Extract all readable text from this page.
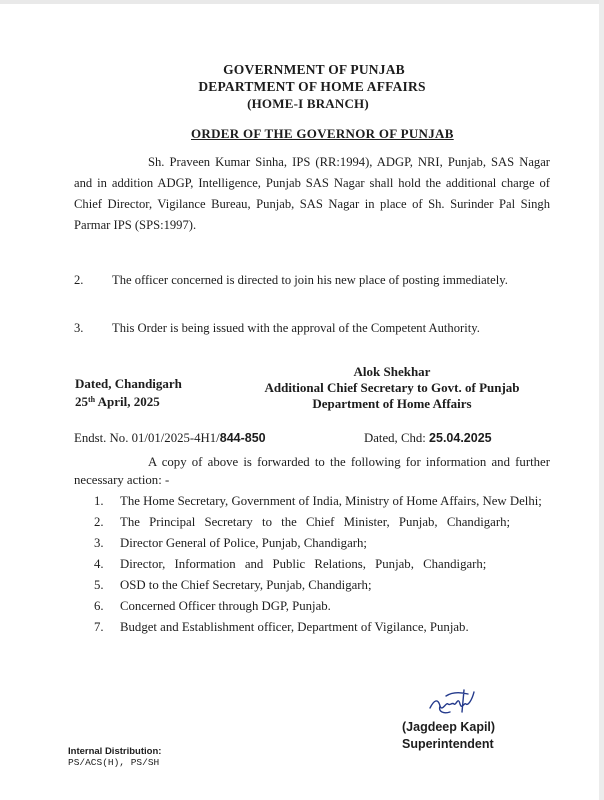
GOVERNMENT OF PUNJAB
DEPARTMENT OF HOME AFFAIRS
(HOME-I BRANCH)
ORDER OF THE GOVERNOR OF PUNJAB
Sh. Praveen Kumar Sinha, IPS (RR:1994), ADGP, NRI, Punjab, SAS Nagar and in addition ADGP, Intelligence, Punjab SAS Nagar shall hold the additional charge of Chief Director, Vigilance Bureau, Punjab, SAS Nagar in place of Sh. Surinder Pal Singh Parmar IPS (SPS:1997).
2. The officer concerned is directed to join his new place of posting immediately.
3. This Order is being issued with the approval of the Competent Authority.
Dated, Chandigarh
25th April, 2025
Alok Shekhar
Additional Chief Secretary to Govt. of Punjab
Department of Home Affairs
Endst. No. 01/01/2025-4H1/844-850	Dated, Chd: 25.04.2025
A copy of above is forwarded to the following for information and further necessary action: -
1. The Home Secretary, Government of India, Ministry of Home Affairs, New Delhi;
2. The Principal Secretary to the Chief Minister, Punjab, Chandigarh;
3. Director General of Police, Punjab, Chandigarh;
4. Director, Information and Public Relations, Punjab, Chandigarh;
5. OSD to the Chief Secretary, Punjab, Chandigarh;
6. Concerned Officer through DGP, Punjab.
7. Budget and Establishment officer, Department of Vigilance, Punjab.
(Jagdeep Kapil)
Superintendent
Internal Distribution:
PS/ACS(H), PS/SH
